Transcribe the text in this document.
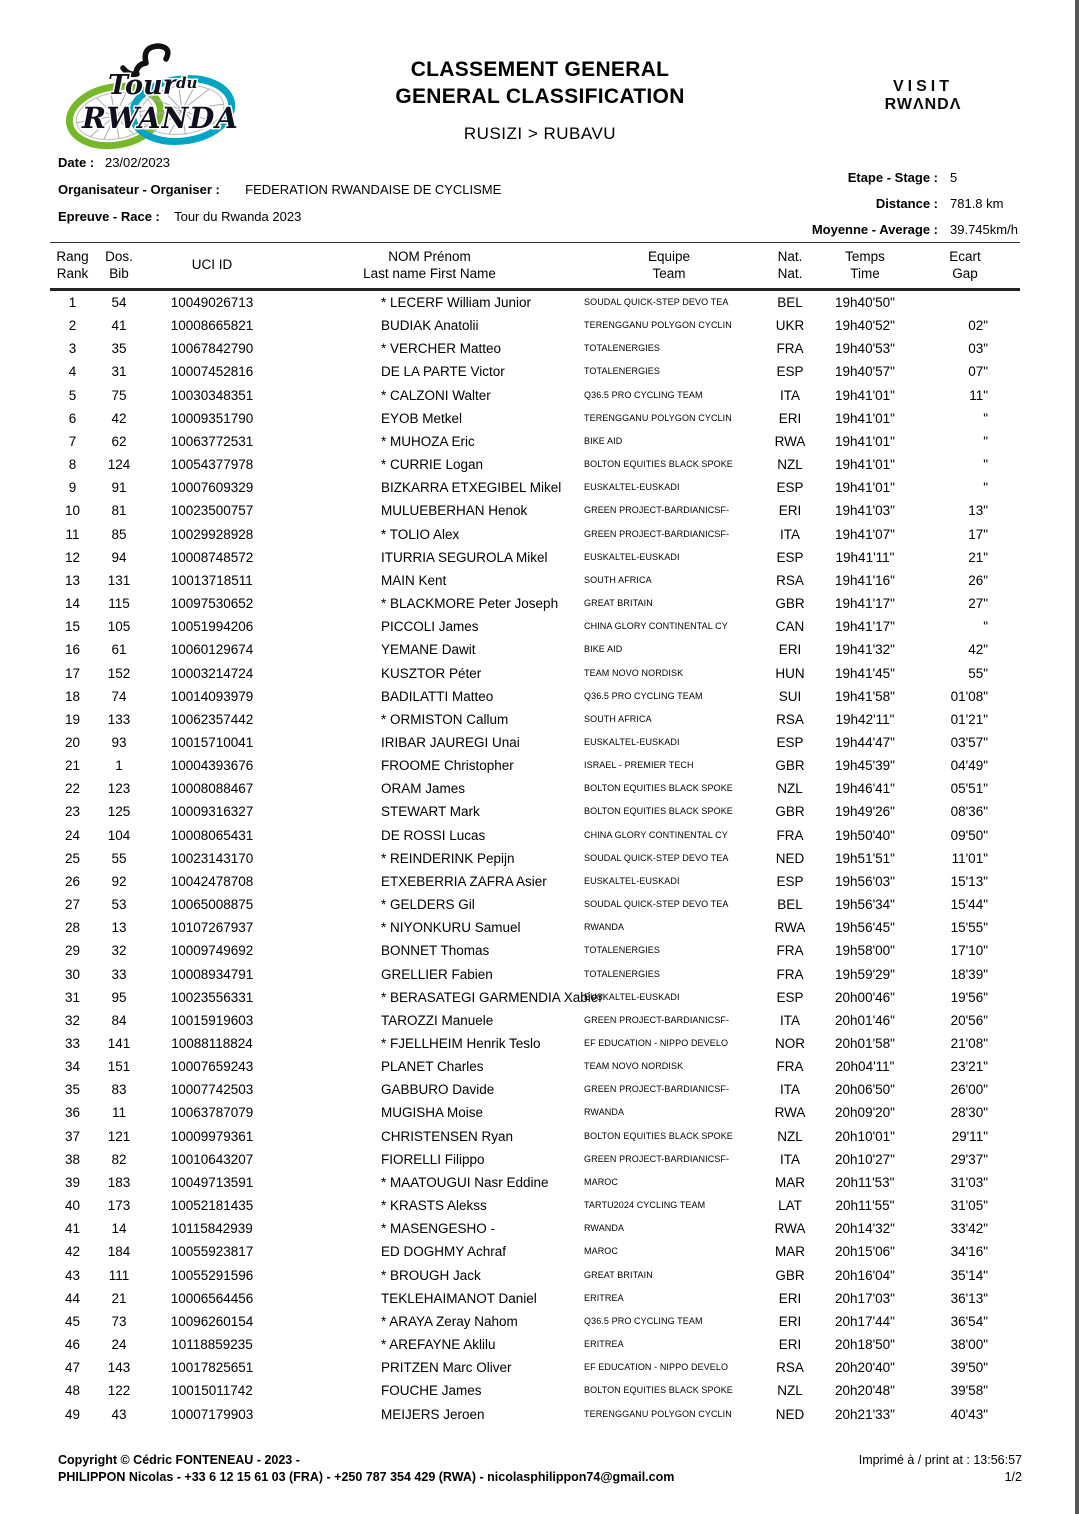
Tour du
RWANDA
CLASSEMENT GENERAL
GENERAL CLASSIFICATION
RUSIZI > RUBAVU
VISIT
RWΛNDΛ
Date : 23/02/2023
Organisateur - Organiser : FEDERATION RWANDAISE DE CYCLISME
Epreuve - Race : Tour du Rwanda 2023
Etape - Stage : 5
Distance : 781.8 km
Moyenne - Average : 39.745km/h
Rang
Rank

Dos.
Bib

UCI ID

NOM Prénom
Last name First Name

Equipe
Team

Nat.
Nat.

Temps
Time

Ecart
Gap

1	54	10049026713	* LECERF William Junior	SOUDAL QUICK-STEP DEVO TEA	BEL	19h40'50"	
2	41	10008665821	BUDIAK Anatolii	TERENGGANU POLYGON CYCLIN	UKR	19h40'52"	02"
3	35	10067842790	* VERCHER Matteo	TOTALENERGIES	FRA	19h40'53"	03"
4	31	10007452816	DE LA PARTE Victor	TOTALENERGIES	ESP	19h40'57"	07"
5	75	10030348351	* CALZONI Walter	Q36.5 PRO CYCLING TEAM	ITA	19h41'01"	11"
6	42	10009351790	EYOB Metkel	TERENGGANU POLYGON CYCLIN	ERI	19h41'01"	"
7	62	10063772531	* MUHOZA Eric	BIKE AID	RWA	19h41'01"	"
8	124	10054377978	* CURRIE Logan	BOLTON EQUITIES BLACK SPOKE	NZL	19h41'01"	"
9	91	10007609329	BIZKARRA ETXEGIBEL Mikel	EUSKALTEL-EUSKADI	ESP	19h41'01"	"
10	81	10023500757	MULUEBERHAN Henok	GREEN PROJECT-BARDIANICSF-	ERI	19h41'03"	13"
11	85	10029928928	* TOLIO Alex	GREEN PROJECT-BARDIANICSF-	ITA	19h41'07"	17"
12	94	10008748572	ITURRIA SEGUROLA Mikel	EUSKALTEL-EUSKADI	ESP	19h41'11"	21"
13	131	10013718511	MAIN Kent	SOUTH AFRICA	RSA	19h41'16"	26"
14	115	10097530652	* BLACKMORE Peter Joseph	GREAT BRITAIN	GBR	19h41'17"	27"
15	105	10051994206	PICCOLI James	CHINA GLORY CONTINENTAL CY	CAN	19h41'17"	"
16	61	10060129674	YEMANE Dawit	BIKE AID	ERI	19h41'32"	42"
17	152	10003214724	KUSZTOR Péter	TEAM NOVO NORDISK	HUN	19h41'45"	55"
18	74	10014093979	BADILATTI Matteo	Q36.5 PRO CYCLING TEAM	SUI	19h41'58"	01'08"
19	133	10062357442	* ORMISTON Callum	SOUTH AFRICA	RSA	19h42'11"	01'21"
20	93	10015710041	IRIBAR JAUREGI Unai	EUSKALTEL-EUSKADI	ESP	19h44'47"	03'57"
21	1	10004393676	FROOME Christopher	ISRAEL - PREMIER TECH	GBR	19h45'39"	04'49"
22	123	10008088467	ORAM James	BOLTON EQUITIES BLACK SPOKE	NZL	19h46'41"	05'51"
23	125	10009316327	STEWART Mark	BOLTON EQUITIES BLACK SPOKE	GBR	19h49'26"	08'36"
24	104	10008065431	DE ROSSI Lucas	CHINA GLORY CONTINENTAL CY	FRA	19h50'40"	09'50"
25	55	10023143170	* REINDERINK Pepijn	SOUDAL QUICK-STEP DEVO TEA	NED	19h51'51"	11'01"
26	92	10042478708	ETXEBERRIA ZAFRA Asier	EUSKALTEL-EUSKADI	ESP	19h56'03"	15'13"
27	53	10065008875	* GELDERS Gil	SOUDAL QUICK-STEP DEVO TEA	BEL	19h56'34"	15'44"
28	13	10107267937	* NIYONKURU Samuel	RWANDA	RWA	19h56'45"	15'55"
29	32	10009749692	BONNET Thomas	TOTALENERGIES	FRA	19h58'00"	17'10"
30	33	10008934791	GRELLIER Fabien	TOTALENERGIES	FRA	19h59'29"	18'39"
31	95	10023556331	* BERASATEGI GARMENDIA Xabier	EUSKALTEL-EUSKADI	ESP	20h00'46"	19'56"
32	84	10015919603	TAROZZI Manuele	GREEN PROJECT-BARDIANICSF-	ITA	20h01'46"	20'56"
33	141	10088118824	* FJELLHEIM Henrik Teslo	EF EDUCATION - NIPPO DEVELO	NOR	20h01'58"	21'08"
34	151	10007659243	PLANET Charles	TEAM NOVO NORDISK	FRA	20h04'11"	23'21"
35	83	10007742503	GABBURO Davide	GREEN PROJECT-BARDIANICSF-	ITA	20h06'50"	26'00"
36	11	10063787079	MUGISHA Moise	RWANDA	RWA	20h09'20"	28'30"
37	121	10009979361	CHRISTENSEN Ryan	BOLTON EQUITIES BLACK SPOKE	NZL	20h10'01"	29'11"
38	82	10010643207	FIORELLI Filippo	GREEN PROJECT-BARDIANICSF-	ITA	20h10'27"	29'37"
39	183	10049713591	* MAATOUGUI Nasr Eddine	MAROC	MAR	20h11'53"	31'03"
40	173	10052181435	* KRASTS Alekss	TARTU2024 CYCLING TEAM	LAT	20h11'55"	31'05"
41	14	10115842939	* MASENGESHO -	RWANDA	RWA	20h14'32"	33'42"
42	184	10055923817	ED DOGHMY Achraf	MAROC	MAR	20h15'06"	34'16"
43	111	10055291596	* BROUGH Jack	GREAT BRITAIN	GBR	20h16'04"	35'14"
44	21	10006564456	TEKLEHAIMANOT Daniel	ERITREA	ERI	20h17'03"	36'13"
45	73	10096260154	* ARAYA Zeray Nahom	Q36.5 PRO CYCLING TEAM	ERI	20h17'44"	36'54"
46	24	10118859235	* AREFAYNE Aklilu	ERITREA	ERI	20h18'50"	38'00"
47	143	10017825651	PRITZEN Marc Oliver	EF EDUCATION - NIPPO DEVELO	RSA	20h20'40"	39'50"
48	122	10015011742	FOUCHE James	BOLTON EQUITIES BLACK SPOKE	NZL	20h20'48"	39'58"
49	43	10007179903	MEIJERS Jeroen	TERENGGANU POLYGON CYCLIN	NED	20h21'33"	40'43"
Copyright © Cédric FONTENEAU - 2023 -
PHILIPPON Nicolas - +33 6 12 15 61 03 (FRA) - +250 787 354 429 (RWA) - nicolasphilippon74@gmail.com
Imprimé à / print at : 13:56:57
1/2
